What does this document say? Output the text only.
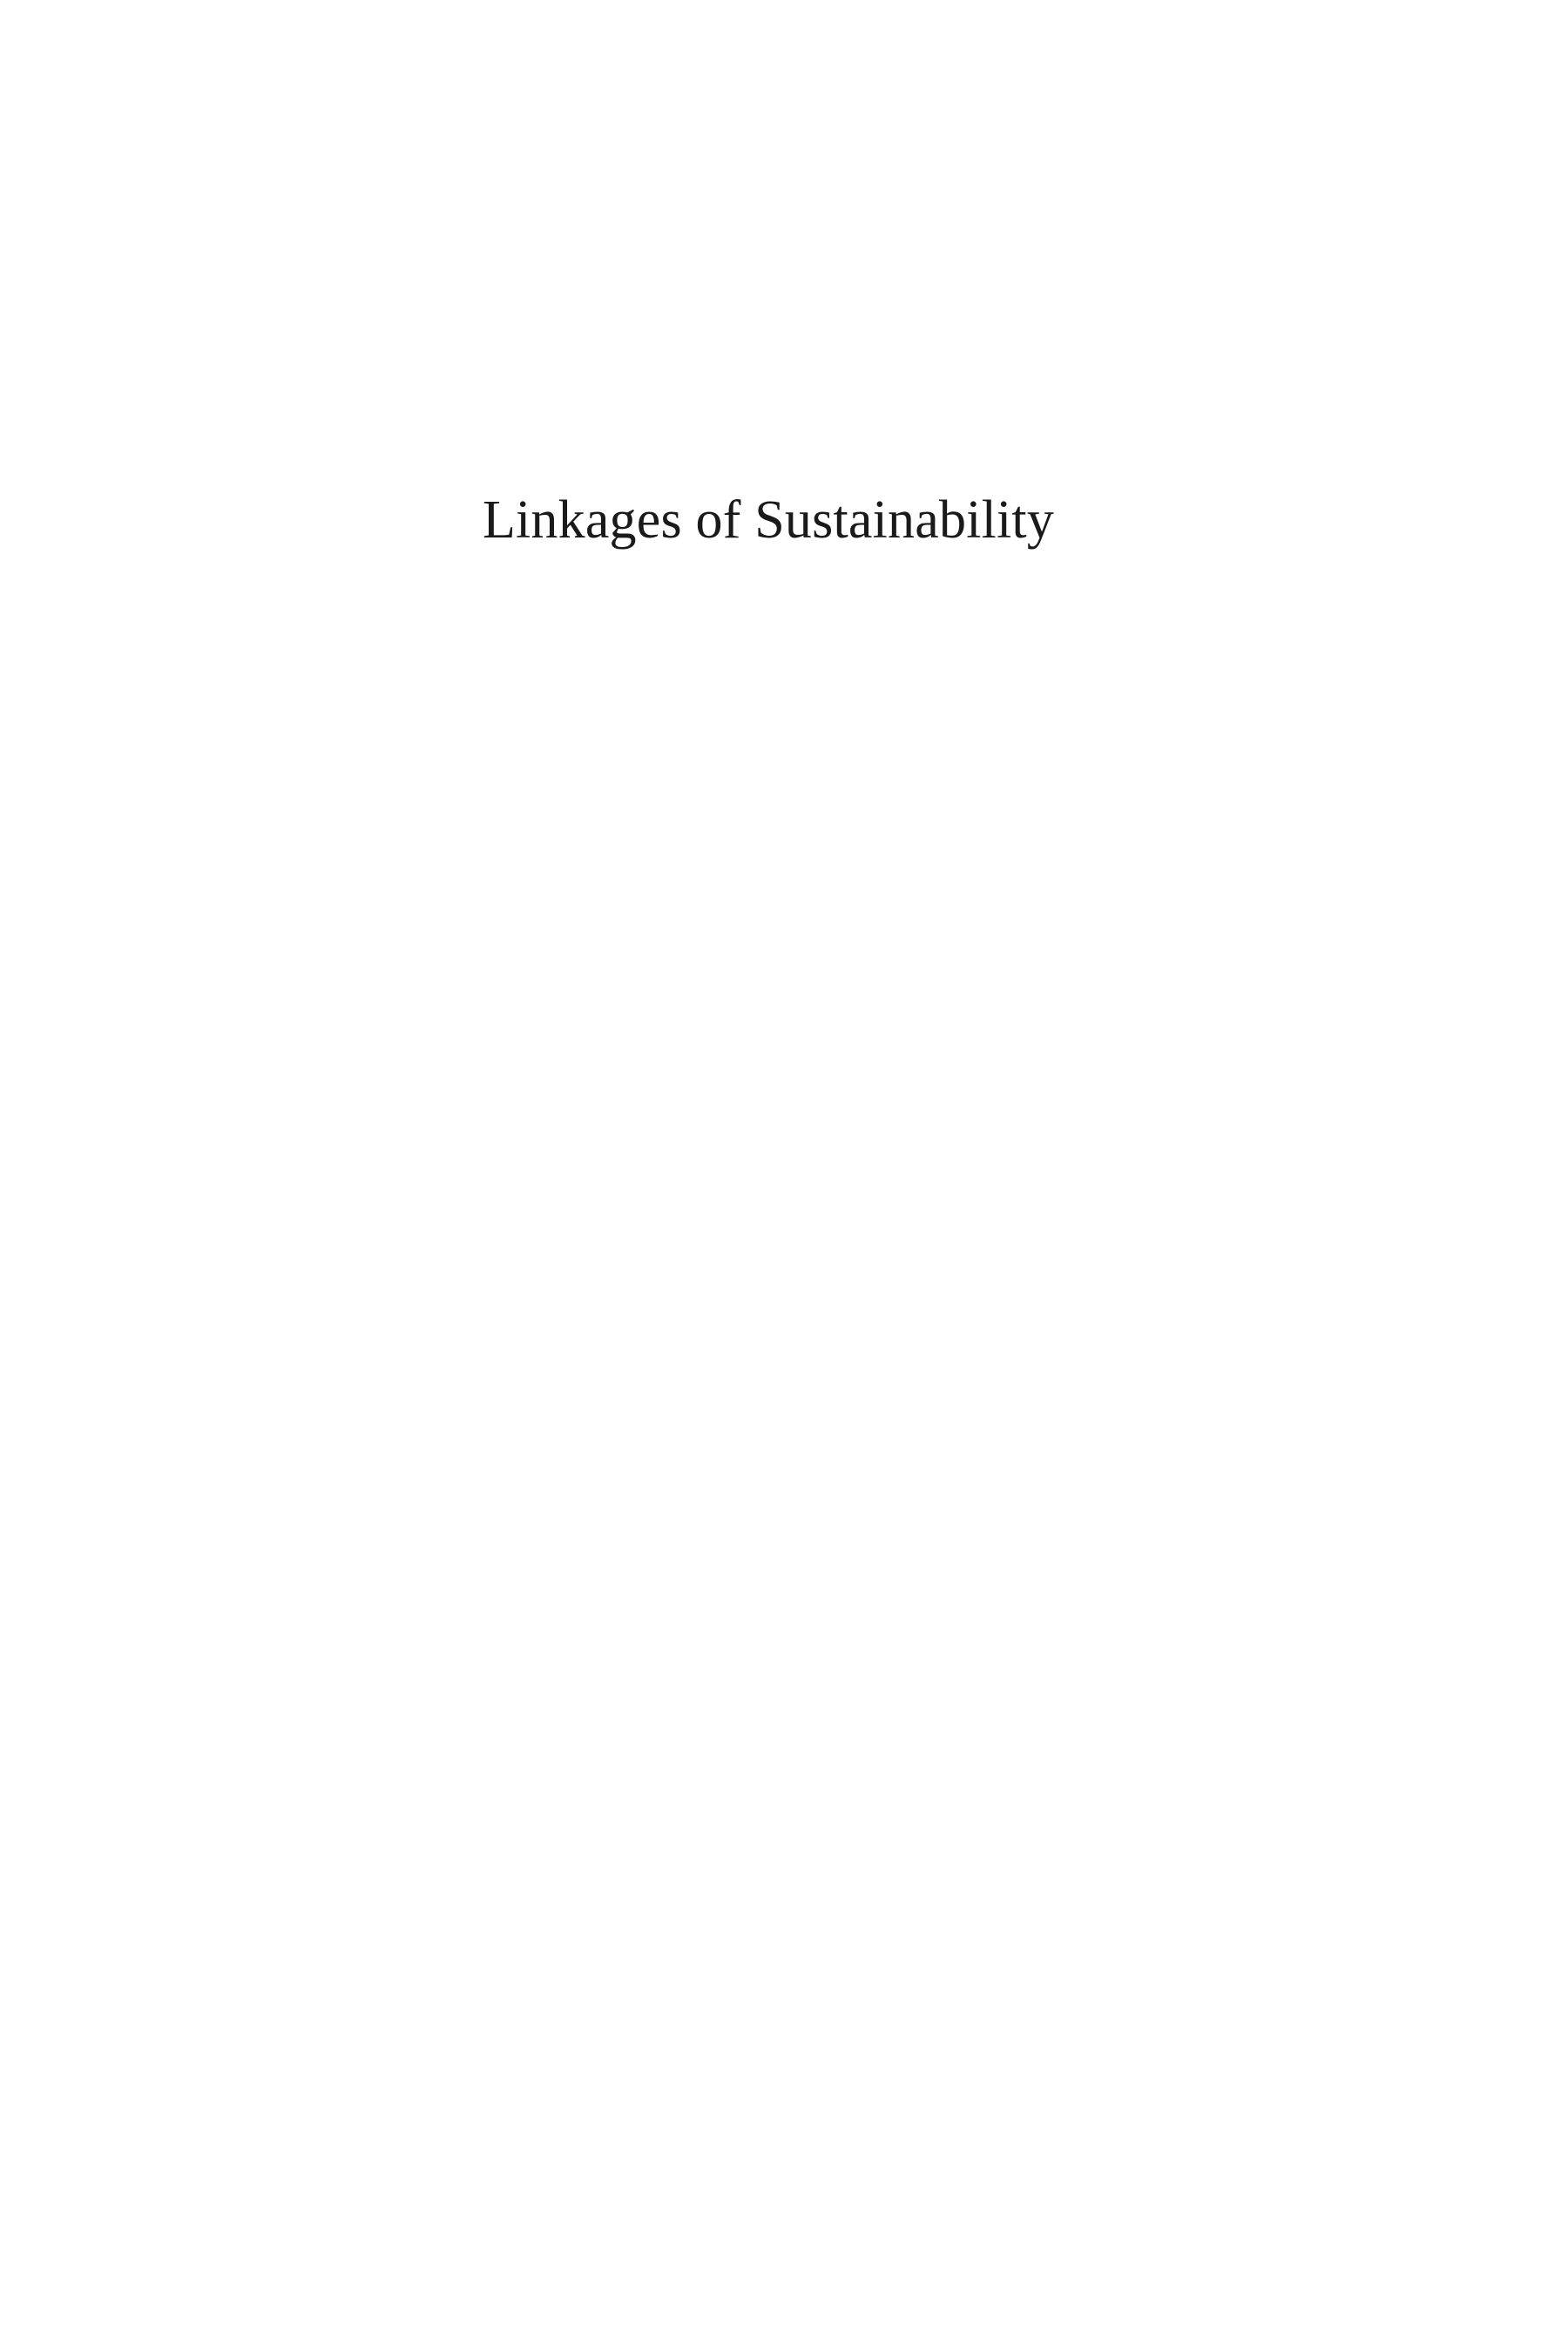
Linkages of Sustainability
